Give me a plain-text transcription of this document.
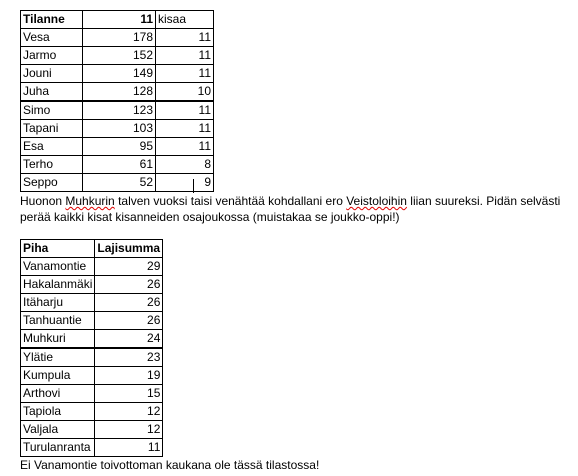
Tilanne	11	kisaa
Vesa	178	11
Jarmo	152	11
Jouni	149	11
Juha	128	10
Simo	123	11
Tapani	103	11
Esa	95	11
Terho	61	8
Seppo	52	9
Huonon Muhkurin talven vuoksi taisi venähtää kohdallani ero Veistoloihin liian suureksi. Pidän selvästi perää kaikki kisat kisanneiden osajoukossa (muistakaa se joukko-oppi!)
Piha	Lajisumma
Vanamontie	29
Hakalanmäki	26
Itäharju	26
Tanhuantie	26
Muhkuri	24
Ylätie	23
Kumpula	19
Arthovi	15
Tapiola	12
Valjala	12
Turulanranta	11
Ei Vanamontie toivottoman kaukana ole tässä tilastossa!
